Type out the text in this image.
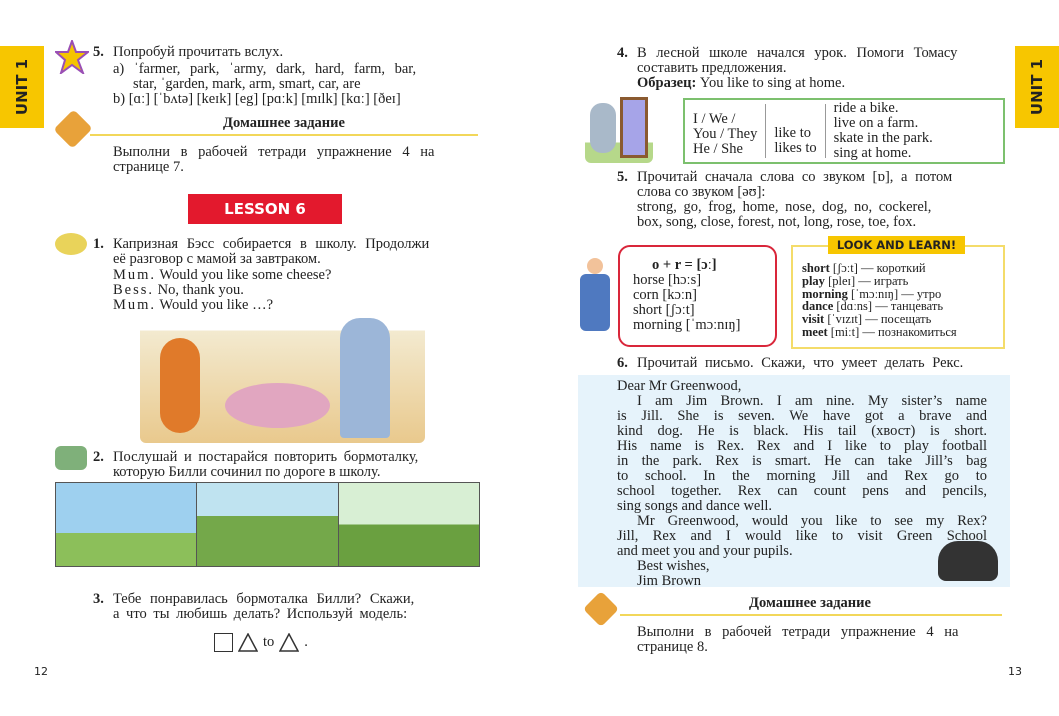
UNIT 1
5. Попробуй прочитать вслух.
a) ˈfarmer, park, ˈarmy, dark, hard, farm, bar,
star, ˈgarden, mark, arm, smart, car, are
b) [ɑː] [ˈbʌtə] [keɪk] [eg] [pɑːk] [mɪlk] [kɑː] [ðeɪ]
Домашнее задание
Выполни в рабочей тетради упражнение 4 на
странице 7.
LESSON 6
1. Капризная Бэсс собирается в школу. Продолжи
её разговор с мамой за завтраком.
Mum. Would you like some cheese?
Bess. No, thank you.
Mum. Would you like …?
2. Послушай и постарайся повторить бормоталку,
которую Билли сочинил по дороге в школу.
3. Тебе понравилась бормоталка Билли? Скажи,
а что ты любишь делать? Используй модель:
to .
12
UNIT 1
4. В лесной школе начался урок. Помоги Томасу
составить предложения.
Образец: You like to sing at home.
I / We /
You / They
He / She
like to
likes to
ride a bike.
live on a farm.
skate in the park.
sing at home.
5. Прочитай сначала слова со звуком [ɒ], а потом
слова со звуком [əʊ]:
strong, go, frog, home, nose, dog, no, cockerel,
box, song, close, forest, not, long, rose, toe, fox.
o + r = [ɔː]
horse [hɔːs]
corn [kɔːn]
short [ʃɔːt]
morning [ˈmɔːnɪŋ]
short [ʃɔːt] — короткий
play [pleɪ] — играть
morning [ˈmɔːnɪŋ] — утро
dance [dɑːns] — танцевать
visit [ˈvɪzɪt] — посещать
meet [miːt] — познакомиться
LOOK AND LEARN!
6. Прочитай письмо. Скажи, что умеет делать Рекс.
Dear Mr Greenwood,
I am Jim Brown. I am nine. My sister’s name
is Jill. She is seven. We have got a brave and
kind dog. He is black. His tail (хвост) is short.
His name is Rex. Rex and I like to play football
in the park. Rex is smart. He can take Jill’s bag
to school. In the morning Jill and Rex go to
school together. Rex can count pens and pencils,
sing songs and dance well.
Mr Greenwood, would you like to see my Rex?
Jill, Rex and I would like to visit Green School
and meet you and your pupils.
Best wishes,
Jim Brown
Домашнее задание
Выполни в рабочей тетради упражнение 4 на
странице 8.
13
